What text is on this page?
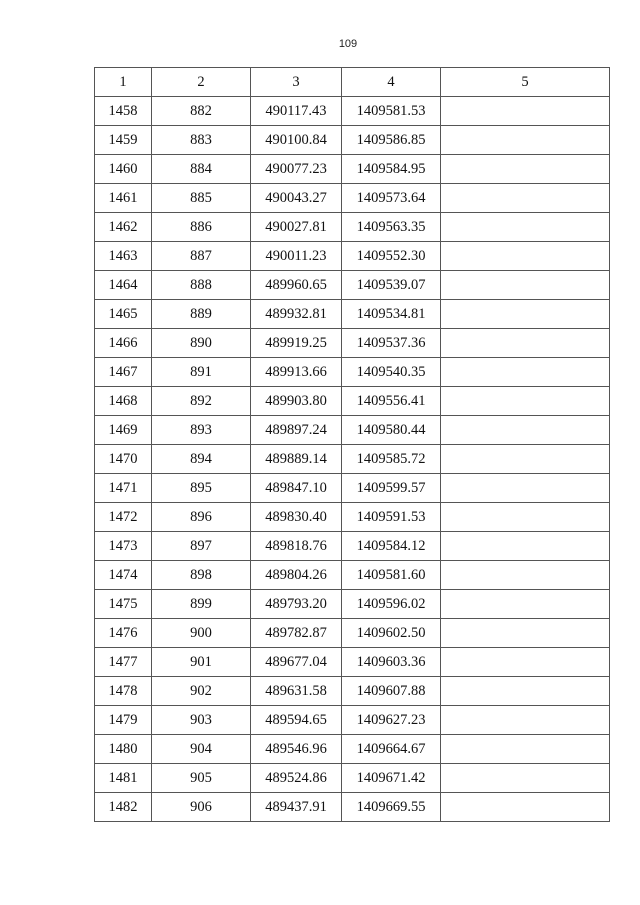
109
1	2	3	4	5
1458	882	490117.43	1409581.53	
1459	883	490100.84	1409586.85	
1460	884	490077.23	1409584.95	
1461	885	490043.27	1409573.64	
1462	886	490027.81	1409563.35	
1463	887	490011.23	1409552.30	
1464	888	489960.65	1409539.07	
1465	889	489932.81	1409534.81	
1466	890	489919.25	1409537.36	
1467	891	489913.66	1409540.35	
1468	892	489903.80	1409556.41	
1469	893	489897.24	1409580.44	
1470	894	489889.14	1409585.72	
1471	895	489847.10	1409599.57	
1472	896	489830.40	1409591.53	
1473	897	489818.76	1409584.12	
1474	898	489804.26	1409581.60	
1475	899	489793.20	1409596.02	
1476	900	489782.87	1409602.50	
1477	901	489677.04	1409603.36	
1478	902	489631.58	1409607.88	
1479	903	489594.65	1409627.23	
1480	904	489546.96	1409664.67	
1481	905	489524.86	1409671.42	
1482	906	489437.91	1409669.55	
